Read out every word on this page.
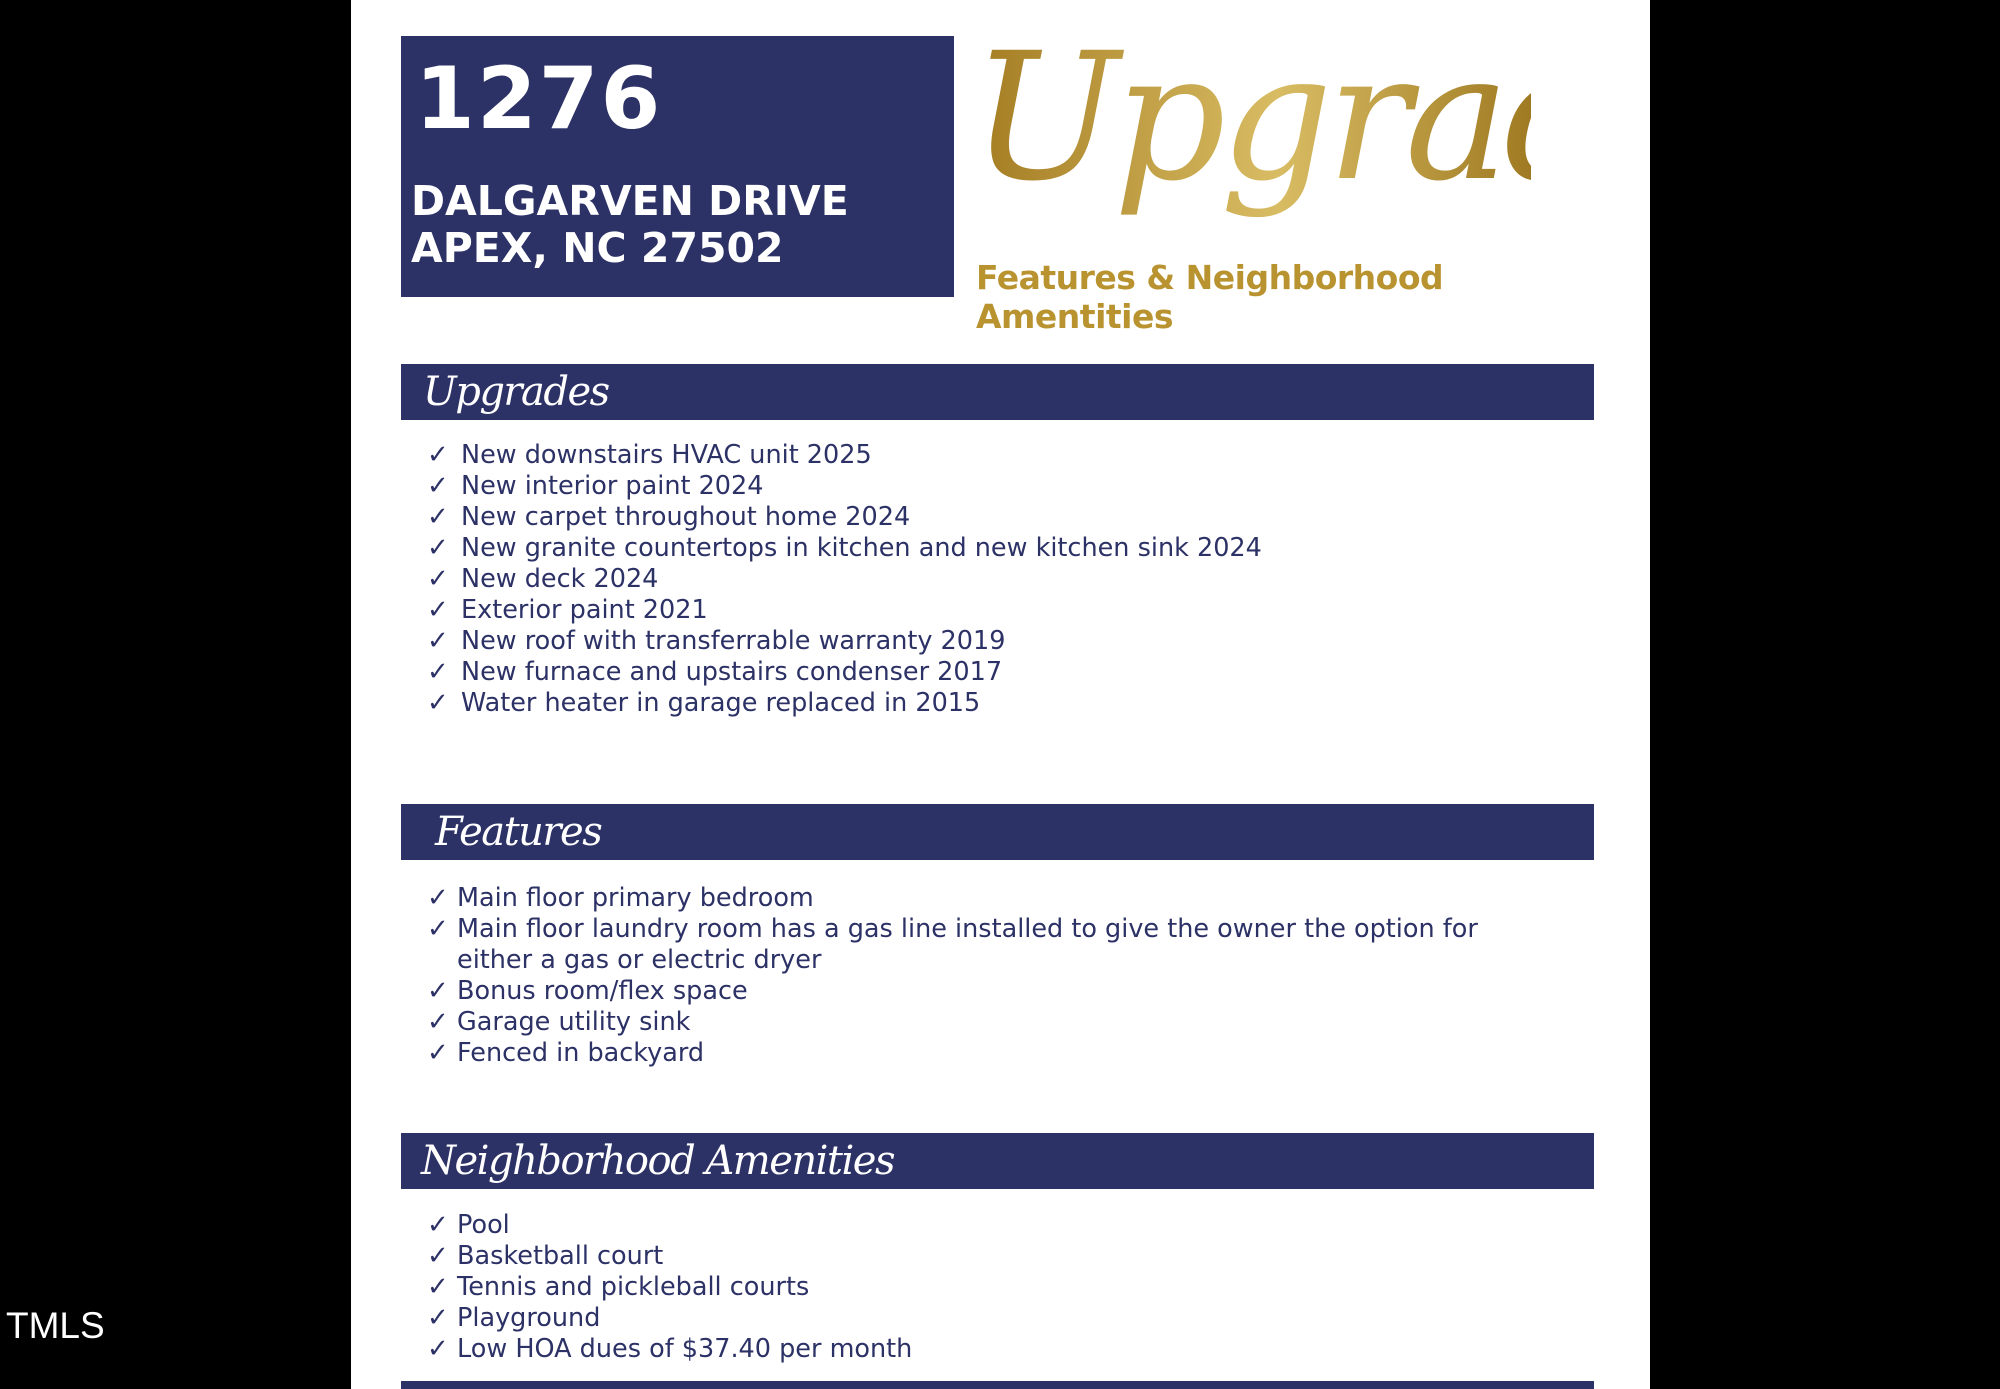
TMLS
1276
DALGARVEN DRIVE
APEX, NC 27502
Upgrades
Features & Neighborhood Amentities
Upgrades
✓ New downstairs HVAC unit 2025
✓ New interior paint 2024
✓ New carpet throughout home 2024
✓ New granite countertops in kitchen and new kitchen sink 2024
✓ New deck 2024
✓ Exterior paint 2021
✓ New roof with transferrable warranty 2019
✓ New furnace and upstairs condenser 2017
✓ Water heater in garage replaced in 2015
Features
✓ Main floor primary bedroom
✓ Main floor laundry room has a gas line installed to give the owner the option for either a gas or electric dryer
✓ Bonus room/flex space
✓ Garage utility sink
✓ Fenced in backyard
Neighborhood Amenities
✓ Pool
✓ Basketball court
✓ Tennis and pickleball courts
✓ Playground
✓ Low HOA dues of $37.40 per month
